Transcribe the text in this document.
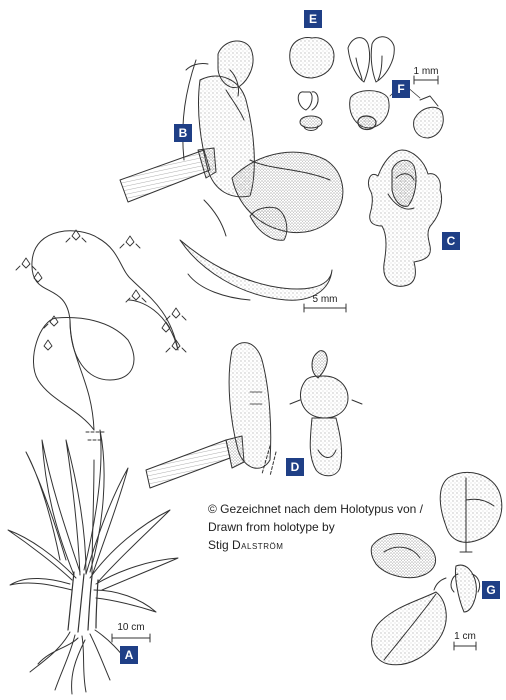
A
B
C
D
E
F
G
10 cm
5 mm
1 mm
1 cm
© Gezeichnet nach dem Holotypus von /
Drawn from holotype by
Stig Dalström
